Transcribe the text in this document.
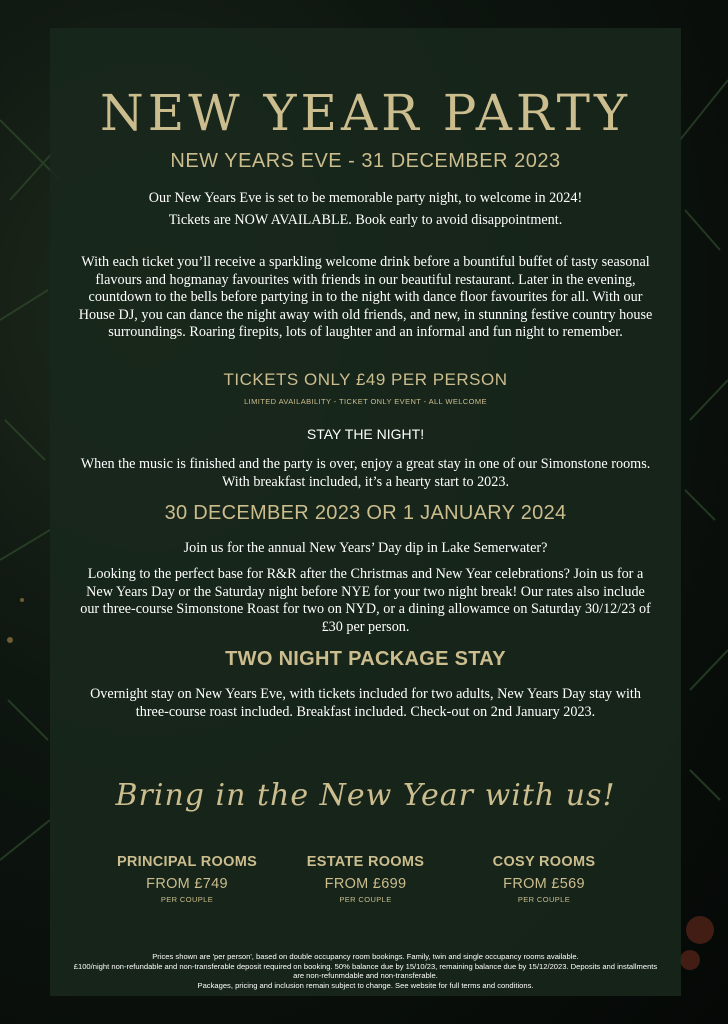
NEW YEAR PARTY
NEW YEARS EVE - 31 DECEMBER 2023
Our New Years Eve is set to be memorable party night, to welcome in 2024!
Tickets are NOW AVAILABLE. Book early to avoid disappointment.
With each ticket you’ll receive a sparkling welcome drink before a bountiful buffet of tasty seasonal flavours and hogmanay favourites with friends in our beautiful restaurant. Later in the evening, countdown to the bells before partying in to the night with dance floor favourites for all. With our House DJ, you can dance the night away with old friends, and new, in stunning festive country house surroundings. Roaring firepits, lots of laughter and an informal and fun night to remember.
TICKETS ONLY £49 PER PERSON
LIMITED AVAILABILITY - TICKET ONLY EVENT - ALL WELCOME
STAY THE NIGHT!
When the music is finished and the party is over, enjoy a great stay in one of our Simonstone rooms. With breakfast included, it’s a hearty start to 2023.
30 DECEMBER 2023 OR 1 JANUARY 2024
Join us for the annual New Years’ Day dip in Lake Semerwater?
Looking to the perfect base for R&R after the Christmas and New Year celebrations? Join us for a New Years Day or the Saturday night before NYE for your two night break! Our rates also include our three-course Simonstone Roast for two on NYD, or a dining allowamce on Saturday 30/12/23 of £30 per person.
TWO NIGHT PACKAGE STAY
Overnight stay on New Years Eve, with tickets included for two adults, New Years Day stay with three-course roast included. Breakfast included. Check-out on 2nd January 2023.
Bring in the New Year with us!
PRINCIPAL ROOMS
FROM £749
PER COUPLE
ESTATE ROOMS
FROM £699
PER COUPLE
COSY ROOMS
FROM £569
PER COUPLE
Prices shown are 'per person', based on double occupancy room bookings. Family, twin and single occupancy rooms available.
£100/night non-refundable and non-transferable deposit required on booking. 50% balance due by 15/10/23, remaining balance due by 15/12/2023. Deposits and installments are non-refunmdable and non-transferable.
Packages, pricing and inclusion remain subject to change. See website for full terms and conditions.
